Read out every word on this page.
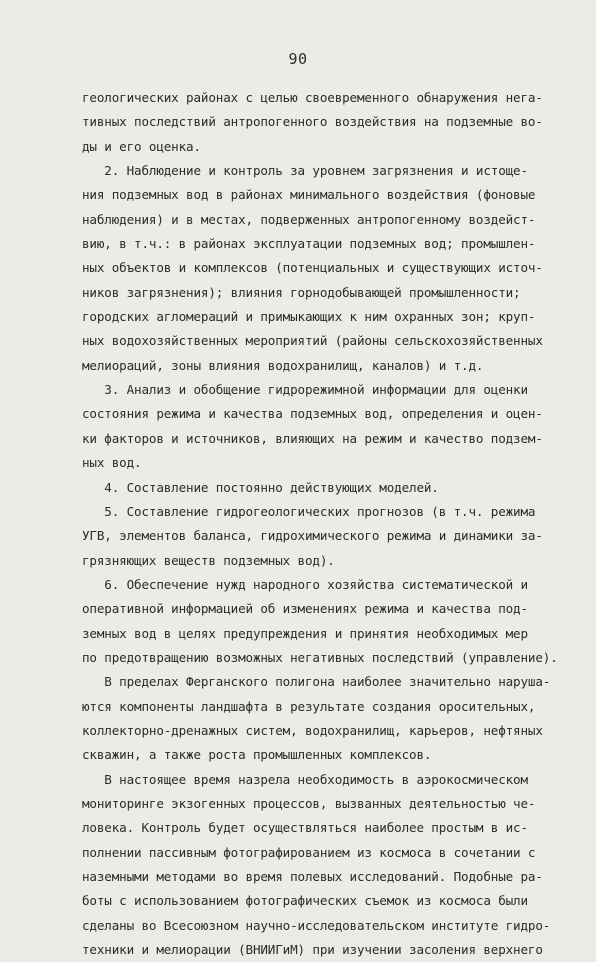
90
геологических районах с целью своевременного обнаружения нега-
тивных последствий антропогенного воздействия на подземные во-
ды и его оценка.
2. Наблюдение и контроль за уровнем загрязнения и истоще-
ния подземных вод в районах минимального воздействия (фоновые
наблюдения) и в местах, подверженных антропогенному воздейст-
вию, в т.ч.: в районах эксплуатации подземных вод; промышлен-
ных объектов и комплексов (потенциальных и существующих источ-
ников загрязнения); влияния горнодобывающей промышленности;
городских агломераций и примыкающих к ним охранных зон; круп-
ных водохозяйственных мероприятий (районы сельскохозяйственных
мелиораций, зоны влияния водохранилищ, каналов) и т.д.
3. Анализ и обобщение гидрорежимной информации для оценки
состояния режима и качества подземных вод, определения и оцен-
ки факторов и источников, влияющих на режим и качество подзем-
ных вод.
4. Составление постоянно действующих моделей.
5. Составление гидрогеологических прогнозов (в т.ч. режима
УГВ, элементов баланса, гидрохимического режима и динамики за-
грязняющих веществ подземных вод).
6. Обеспечение нужд народного хозяйства систематической и
оперативной информацией об изменениях режима и качества под-
земных вод в целях предупреждения и принятия необходимых мер
по предотвращению возможных негативных последствий (управление).
В пределах Ферганского полигона наиболее значительно наруша-
ются компоненты ландшафта в результате создания оросительных,
коллекторно-дренажных систем, водохранилищ, карьеров, нефтяных
скважин, а также роста промышленных комплексов.
В настоящее время назрела необходимость в аэрокосмическом
мониторинге экзогенных процессов, вызванных деятельностью че-
ловека. Контроль будет осуществляться наиболее простым в ис-
полнении пассивным фотографированием из космоса в сочетании с
наземными методами во время полевых исследований. Подобные ра-
боты с использованием фотографических съемок из космоса были
сделаны во Всесоюзном научно-исследовательском институте гидро-
техники и мелиорации (ВНИИГиМ) при изучении засоления верхнего
